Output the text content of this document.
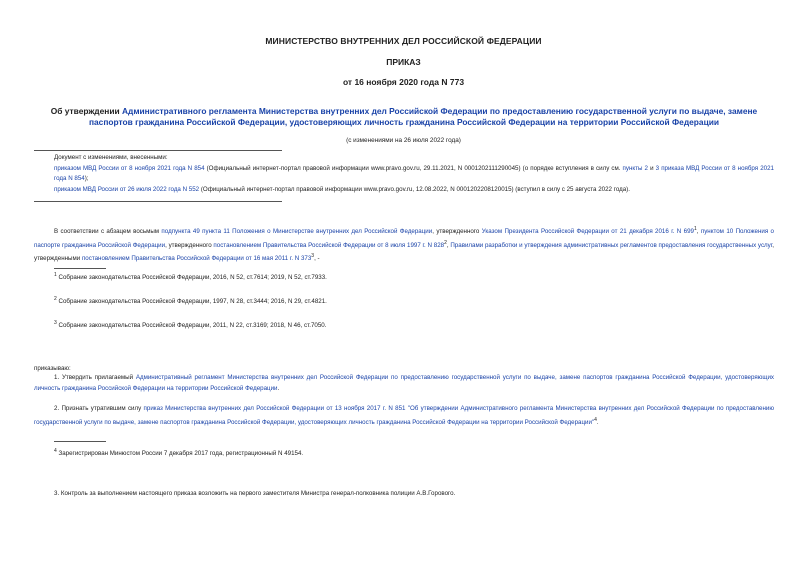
МИНИСТЕРСТВО ВНУТРЕННИХ ДЕЛ РОССИЙСКОЙ ФЕДЕРАЦИИ
ПРИКАЗ
от 16 ноября 2020 года N 773
Об утверждении Административного регламента Министерства внутренних дел Российской Федерации по предоставлению государственной услуги по выдаче, замене паспортов гражданина Российской Федерации, удостоверяющих личность гражданина Российской Федерации на территории Российской Федерации
(с изменениями на 26 июля 2022 года)
Документ с изменениями, внесенными:
приказом МВД России от 8 ноября 2021 года N 854 (Официальный интернет-портал правовой информации www.pravo.gov.ru, 29.11.2021, N 0001202111290045) (о порядке вступления в силу см. пункты 2 и 3 приказа МВД России от 8 ноября 2021 года N 854);
приказом МВД России от 26 июля 2022 года N 552 (Официальный интернет-портал правовой информации www.pravo.gov.ru, 12.08.2022, N 0001202208120015) (вступил в силу с 25 августа 2022 года).
В соответствии с абзацем восьмым подпункта 49 пункта 11 Положения о Министерстве внутренних дел Российской Федерации, утвержденного Указом Президента Российской Федерации от 21 декабря 2016 г. N $699^1$, пунктом 10 Положения о паспорте гражданина Российской Федерации, утвержденного постановлением Правительства Российской Федерации от 8 июля 1997 г. N $828^2$, Правилами разработки и утверждения административных регламентов предоставления государственных услуг, утвержденными постановлением Правительства Российской Федерации от 16 мая 2011 г. N $373^3$, -
$^1$ Собрание законодательства Российской Федерации, 2016, N 52, ст.7614; 2019, N 52, ст.7933.
$^2$ Собрание законодательства Российской Федерации, 1997, N 28, ст.3444; 2016, N 29, ст.4821.
$^3$ Собрание законодательства Российской Федерации, 2011, N 22, ст.3169; 2018, N 46, ст.7050.
приказываю:
1. Утвердить прилагаемый Административный регламент Министерства внутренних дел Российской Федерации по предоставлению государственной услуги по выдаче, замене паспортов гражданина Российской Федерации, удостоверяющих личность гражданина Российской Федерации на территории Российской Федерации.
2. Признать утратившим силу приказ Министерства внутренних дел Российской Федерации от 13 ноября 2017 г. N 851 "Об утверждении Административного регламента Министерства внутренних дел Российской Федерации по предоставлению государственной услуги по выдаче, замене паспортов гражданина Российской Федерации, удостоверяющих личность гражданина Российской Федерации на территории Российской Федерации"$^4$.
$^4$ Зарегистрирован Минюстом России 7 декабря 2017 года, регистрационный N 49154.
3. Контроль за выполнением настоящего приказа возложить на первого заместителя Министра генерал-полковника полиции А.В.Горового.
